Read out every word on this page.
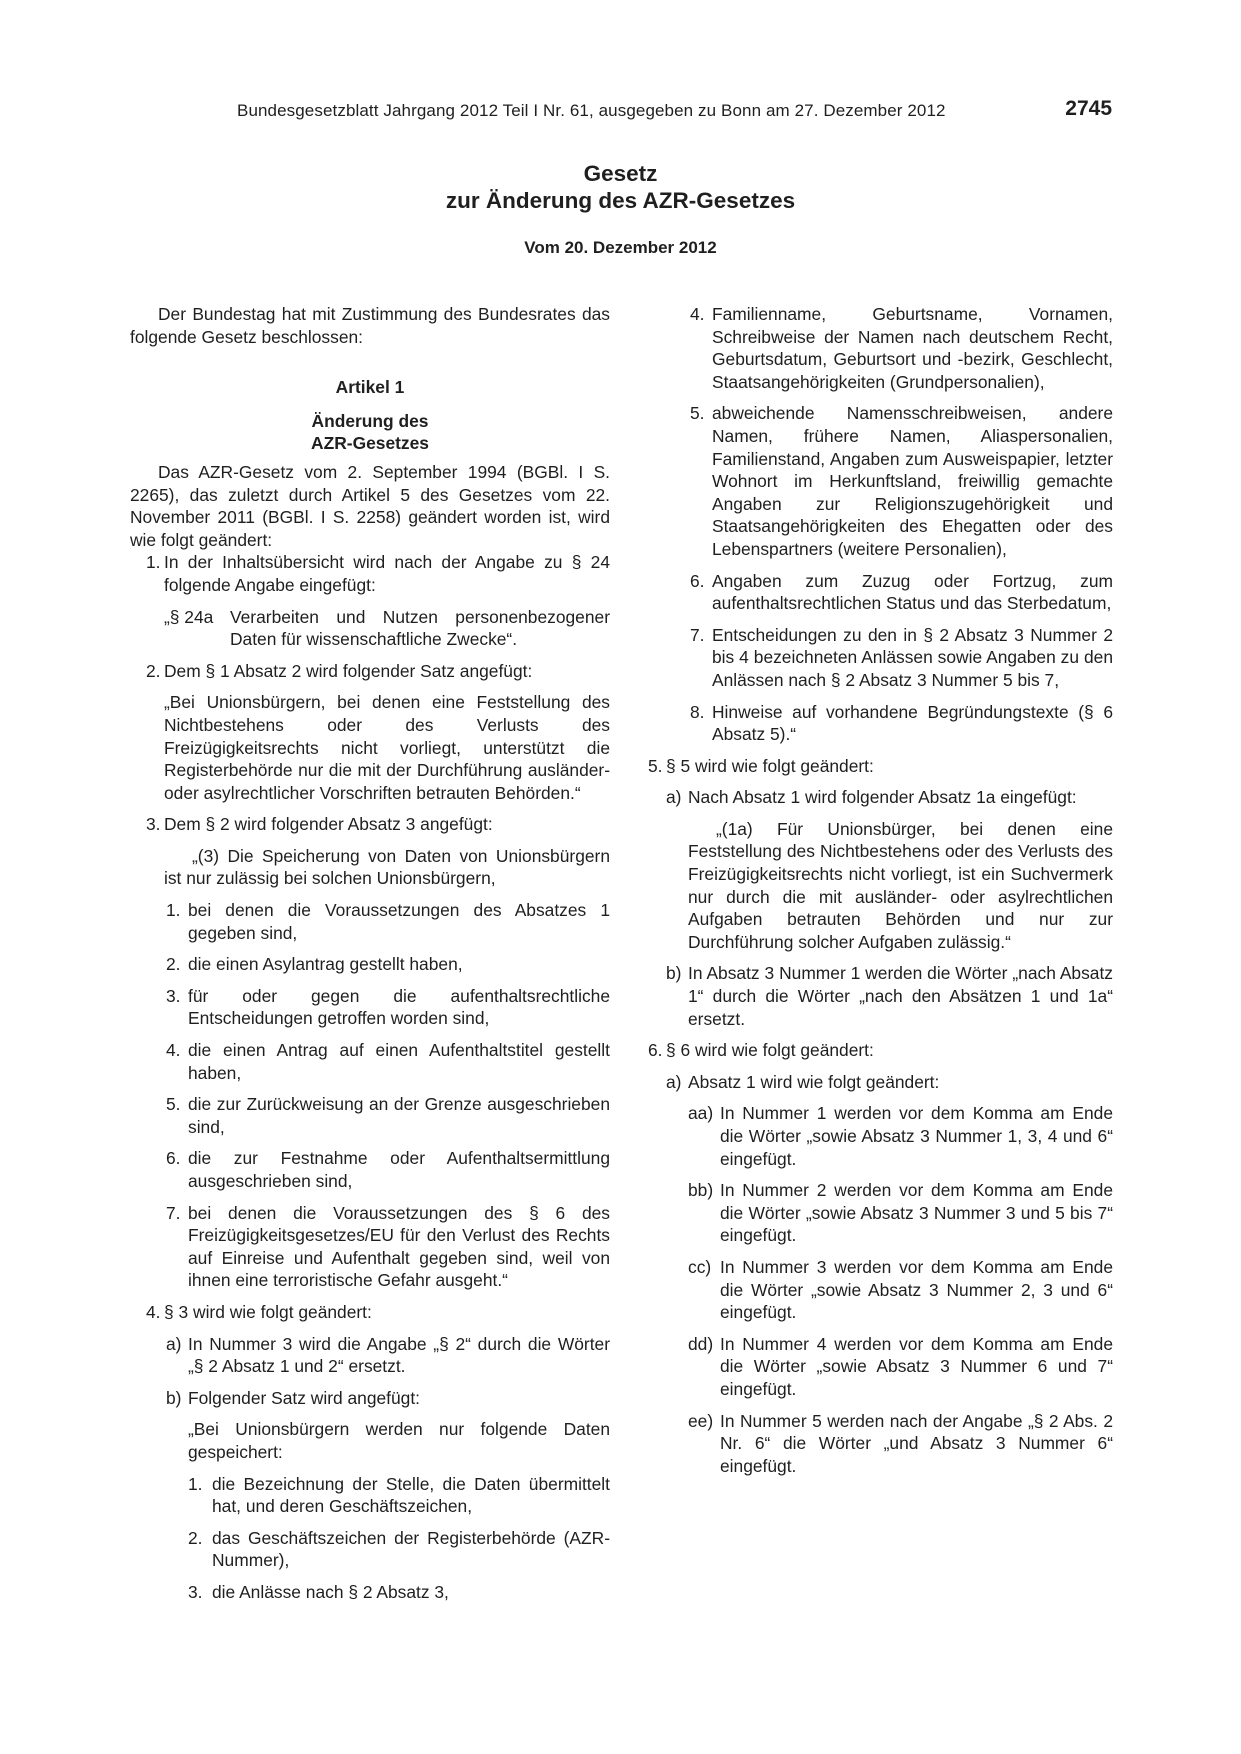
Bundesgesetzblatt Jahrgang 2012 Teil I Nr. 61, ausgegeben zu Bonn am 27. Dezember 2012	2745

Gesetz

zur Änderung des AZR-Gesetzes

Vom 20. Dezember 2012

Der Bundestag hat mit Zustimmung des Bundesrates das folgende Gesetz beschlossen:

Artikel 1

Änderung des

AZR-Gesetzes

Das AZR-Gesetz vom 2. September 1994 (BGBl. I S. 2265), das zuletzt durch Artikel 5 des Gesetzes vom 22. November 2011 (BGBl. I S. 2258) geändert worden ist, wird wie folgt geändert:

1. In der Inhaltsübersicht wird nach der Angabe zu § 24 folgende Angabe eingefügt:
„§ 24a Verarbeiten und Nutzen personenbezogener Daten für wissenschaftliche Zwecke“.
2. Dem § 1 Absatz 2 wird folgender Satz angefügt:
„Bei Unionsbürgern, bei denen eine Feststellung des Nichtbestehens oder des Verlusts des Freizügigkeitsrechts nicht vorliegt, unterstützt die Registerbehörde nur die mit der Durchführung ausländer- oder asylrechtlicher Vorschriften betrauten Behörden.“
3. Dem § 2 wird folgender Absatz 3 angefügt:
„(3) Die Speicherung von Daten von Unionsbürgern ist nur zulässig bei solchen Unionsbürgern,
1. bei denen die Voraussetzungen des Absatzes 1 gegeben sind,
2. die einen Asylantrag gestellt haben,
3. für oder gegen die aufenthaltsrechtliche Entscheidungen getroffen worden sind,
4. die einen Antrag auf einen Aufenthaltstitel gestellt haben,
5. die zur Zurückweisung an der Grenze ausgeschrieben sind,
6. die zur Festnahme oder Aufenthaltsermittlung ausgeschrieben sind,
7. bei denen die Voraussetzungen des § 6 des Freizügigkeitsgesetzes/EU für den Verlust des Rechts auf Einreise und Aufenthalt gegeben sind, weil von ihnen eine terroristische Gefahr ausgeht.“
4. § 3 wird wie folgt geändert:
a) In Nummer 3 wird die Angabe „§ 2“ durch die Wörter „§ 2 Absatz 1 und 2“ ersetzt.
b) Folgender Satz wird angefügt:
„Bei Unionsbürgern werden nur folgende Daten gespeichert:
1. die Bezeichnung der Stelle, die Daten übermittelt hat, und deren Geschäftszeichen,
2. das Geschäftszeichen der Registerbehörde (AZR-Nummer),
3. die Anlässe nach § 2 Absatz 3,
4. Familienname, Geburtsname, Vornamen, Schreibweise der Namen nach deutschem Recht, Geburtsdatum, Geburtsort und -bezirk, Geschlecht, Staatsangehörigkeiten (Grundpersonalien),
5. abweichende Namensschreibweisen, andere Namen, frühere Namen, Aliaspersonalien, Familienstand, Angaben zum Ausweispapier, letzter Wohnort im Herkunftsland, freiwillig gemachte Angaben zur Religionszugehörigkeit und Staatsangehörigkeiten des Ehegatten oder des Lebenspartners (weitere Personalien),
6. Angaben zum Zuzug oder Fortzug, zum aufenthaltsrechtlichen Status und das Sterbedatum,
7. Entscheidungen zu den in § 2 Absatz 3 Nummer 2 bis 4 bezeichneten Anlässen sowie Angaben zu den Anlässen nach § 2 Absatz 3 Nummer 5 bis 7,
8. Hinweise auf vorhandene Begründungstexte (§ 6 Absatz 5).“
5. § 5 wird wie folgt geändert:
a) Nach Absatz 1 wird folgender Absatz 1a eingefügt:
„(1a) Für Unionsbürger, bei denen eine Feststellung des Nichtbestehens oder des Verlusts des Freizügigkeitsrechts nicht vorliegt, ist ein Suchvermerk nur durch die mit ausländer- oder asylrechtlichen Aufgaben betrauten Behörden und nur zur Durchführung solcher Aufgaben zulässig.“
b) In Absatz 3 Nummer 1 werden die Wörter „nach Absatz 1“ durch die Wörter „nach den Absätzen 1 und 1a“ ersetzt.
6. § 6 wird wie folgt geändert:
a) Absatz 1 wird wie folgt geändert:
aa) In Nummer 1 werden vor dem Komma am Ende die Wörter „sowie Absatz 3 Nummer 1, 3, 4 und 6“ eingefügt.
bb) In Nummer 2 werden vor dem Komma am Ende die Wörter „sowie Absatz 3 Nummer 3 und 5 bis 7“ eingefügt.
cc) In Nummer 3 werden vor dem Komma am Ende die Wörter „sowie Absatz 3 Nummer 2, 3 und 6“ eingefügt.
dd) In Nummer 4 werden vor dem Komma am Ende die Wörter „sowie Absatz 3 Nummer 6 und 7“ eingefügt.
ee) In Nummer 5 werden nach der Angabe „§ 2 Abs. 2 Nr. 6“ die Wörter „und Absatz 3 Nummer 6“ eingefügt.
